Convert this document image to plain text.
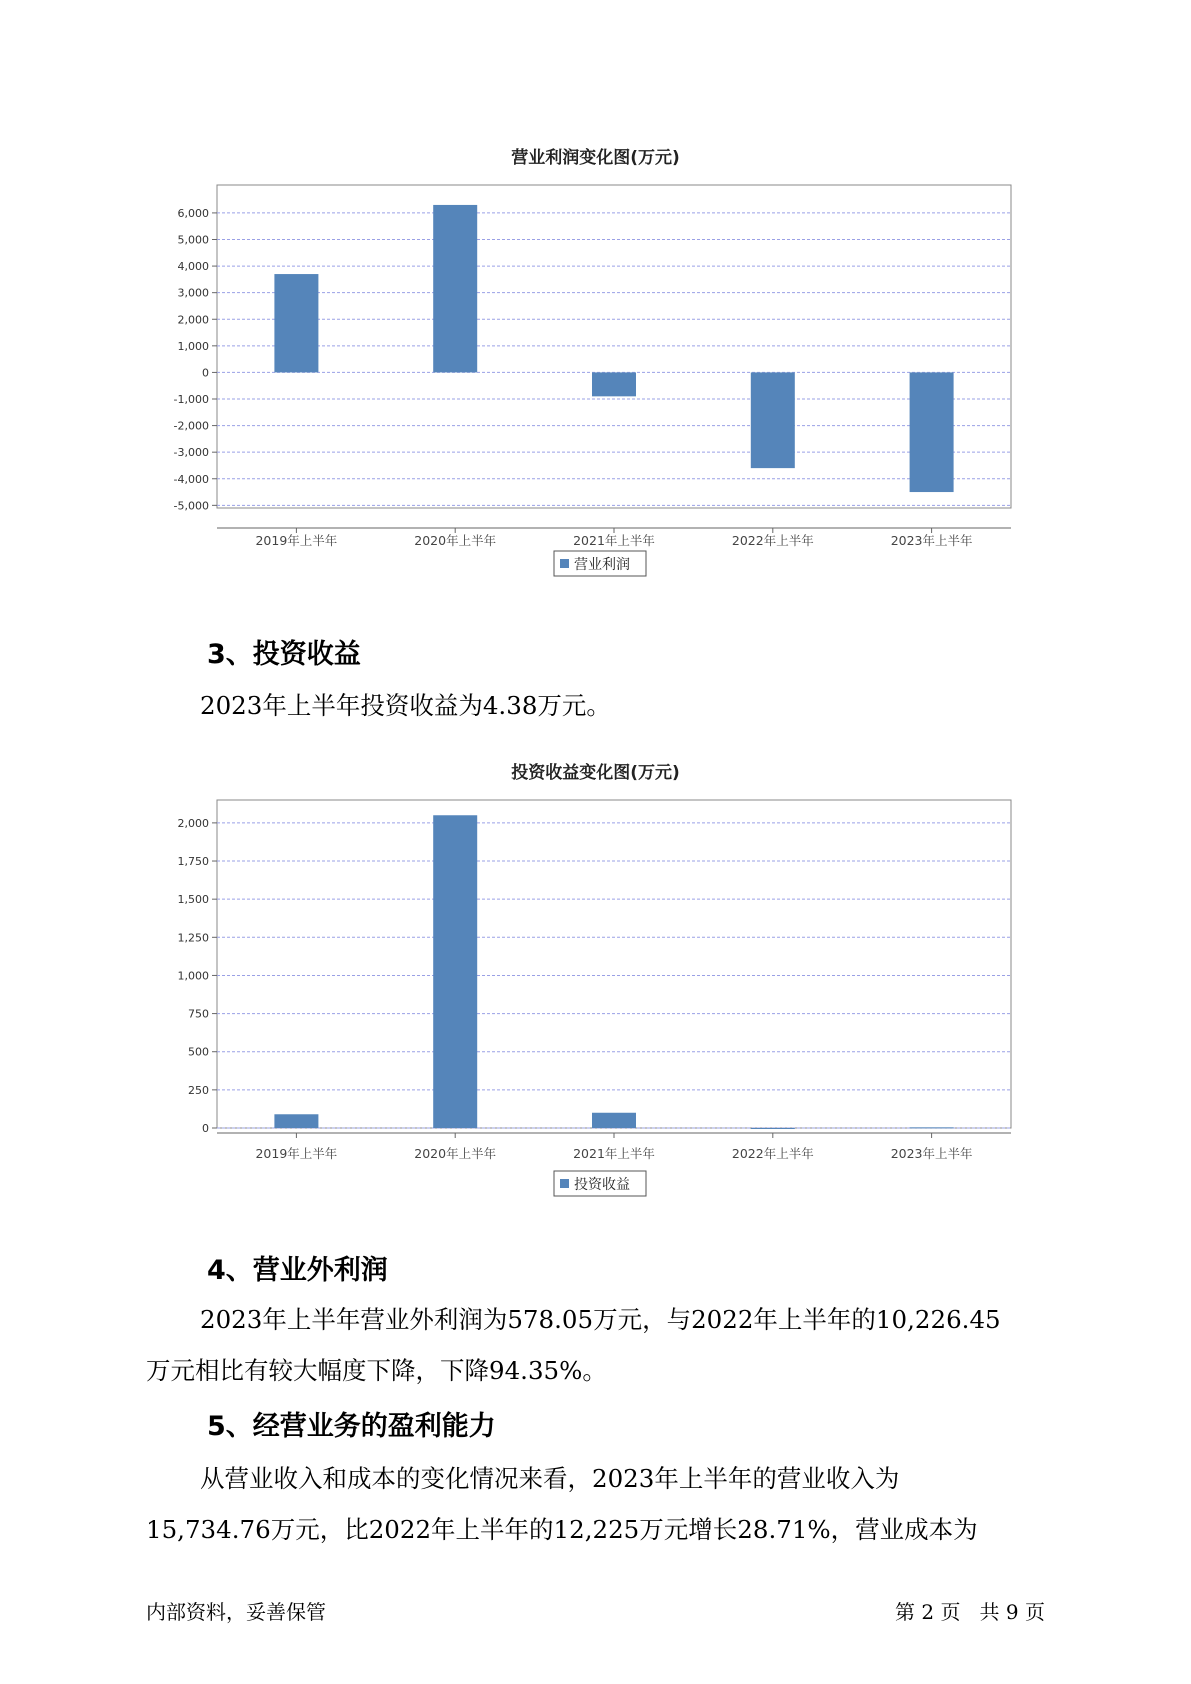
营业利润变化图(万元)
6,000
5,000
4,000
3,000
2,000
1,000
0
-1,000
-2,000
-3,000
-4,000
-5,000
2019年上半年	2020年上半年	2021年上半年	2022年上半年	2023年上半年
营业利润
3、投资收益
2023年上半年投资收益为4.38万元。
投资收益变化图(万元)
2,000
1,750
1,500
1,250
1,000
750
500
250
0
2019年上半年	2020年上半年	2021年上半年	2022年上半年	2023年上半年
投资收益
4、营业外利润
2023年上半年营业外利润为578.05万元，与2022年上半年的10,226.45
万元相比有较大幅度下降，下降94.35%。
5、经营业务的盈利能力
从营业收入和成本的变化情况来看，2023年上半年的营业收入为
15,734.76万元，比2022年上半年的12,225万元增长28.71%，营业成本为
内部资料，妥善保管	第 2 页   共 9 页
